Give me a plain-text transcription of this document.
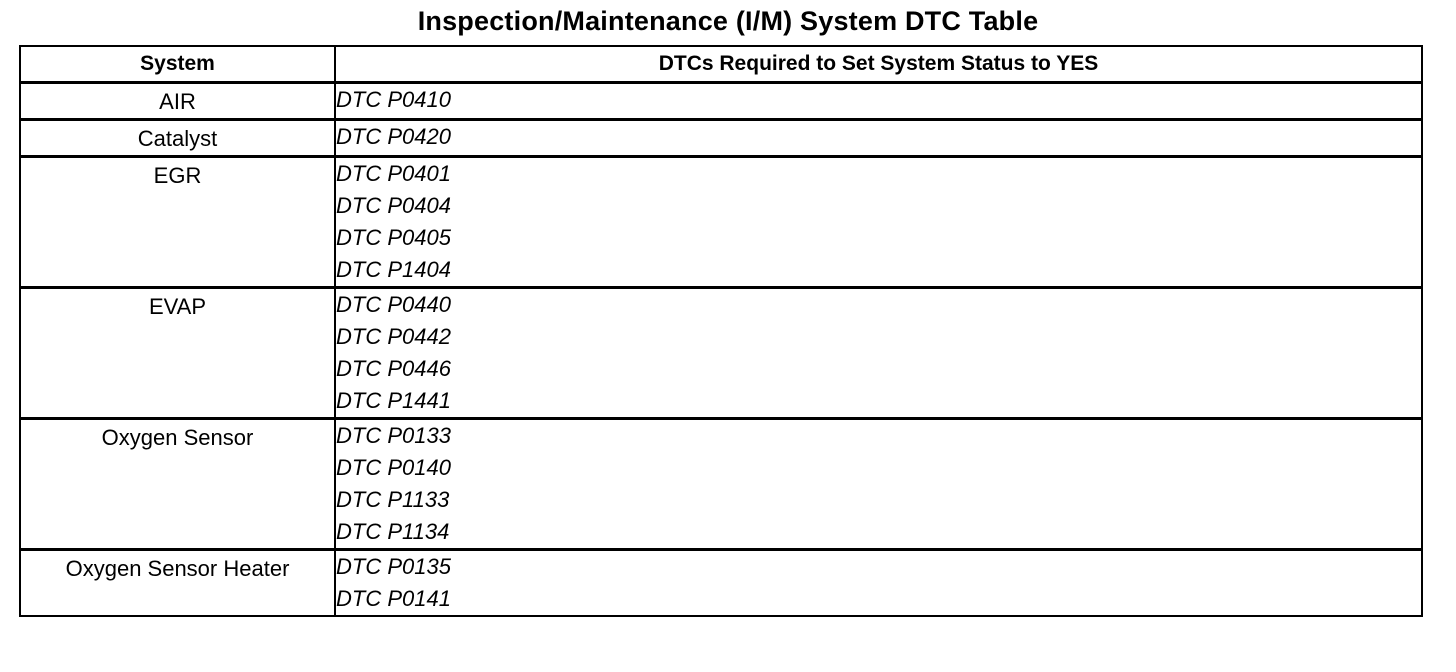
Inspection/Maintenance (I/M) System DTC Table
System	DTCs Required to Set System Status to YES

AIR	DTC P0410

Catalyst	DTC P0420

EGR	DTC P0401
DTC P0404
DTC P0405
DTC P1404

EVAP	DTC P0440
DTC P0442
DTC P0446
DTC P1441

Oxygen Sensor	DTC P0133
DTC P0140
DTC P1133
DTC P1134

Oxygen Sensor Heater	DTC P0135
DTC P0141
